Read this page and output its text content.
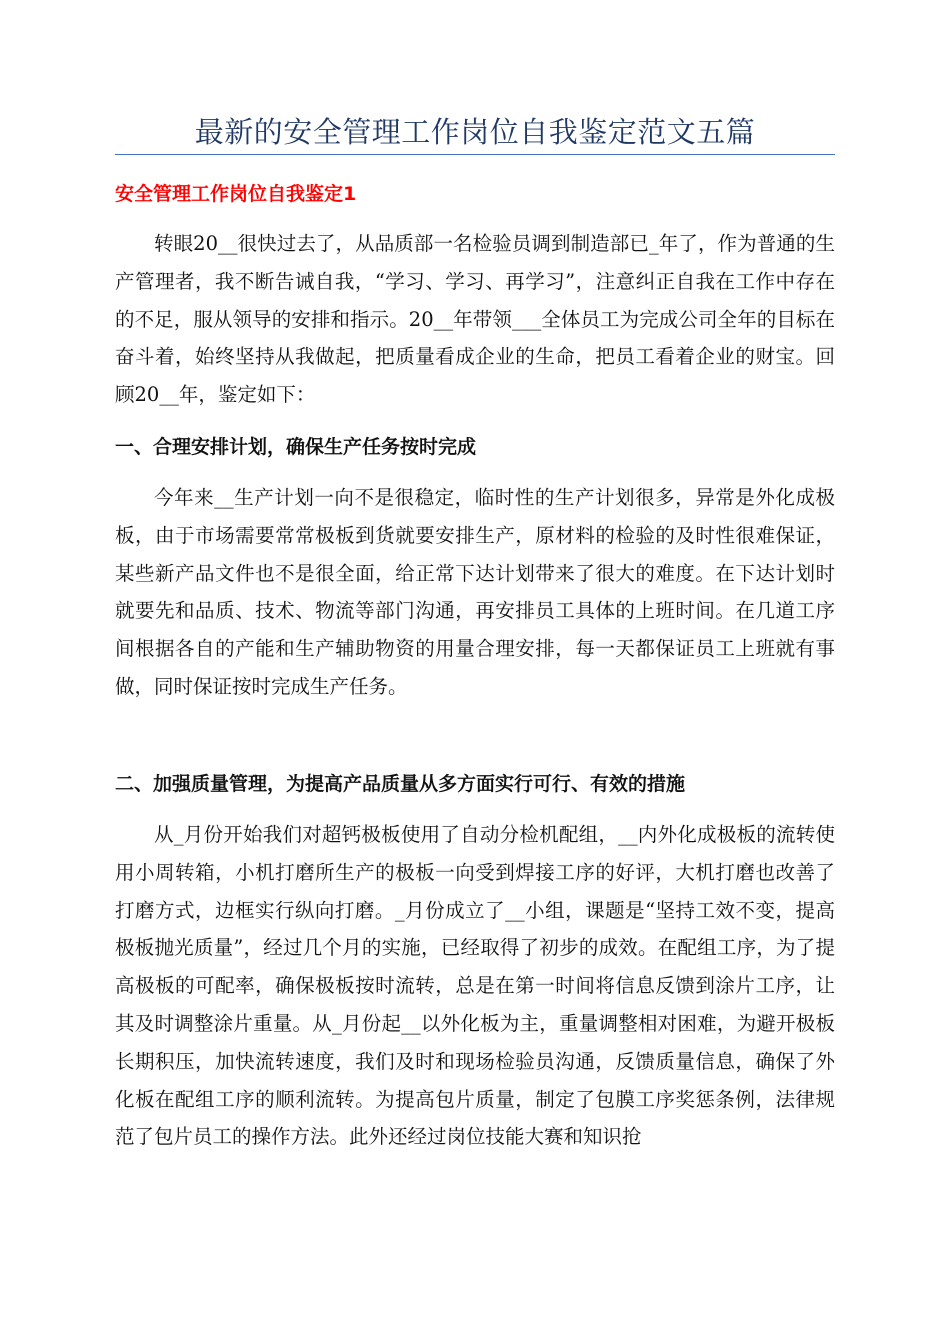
最新的安全管理工作岗位自我鉴定范文五篇
安全管理工作岗位自我鉴定1

转眼20__很快过去了，从品质部一名检验员调到制造部已_年了，作为普通的生产管理者，我不断告诫自我，“学习、学习、再学习”，注意纠正自我在工作中存在的不足，服从领导的安排和指示。20__年带领___全体员工为完成公司全年的目标在奋斗着，始终坚持从我做起，把质量看成企业的生命，把员工看着企业的财宝。回顾20__年，鉴定如下：

一、合理安排计划，确保生产任务按时完成

今年来__生产计划一向不是很稳定，临时性的生产计划很多，异常是外化成极板，由于市场需要常常极板到货就要安排生产，原材料的检验的及时性很难保证，某些新产品文件也不是很全面，给正常下达计划带来了很大的难度。在下达计划时就要先和品质、技术、物流等部门沟通，再安排员工具体的上班时间。在几道工序间根据各自的产能和生产辅助物资的用量合理安排，每一天都保证员工上班就有事做，同时保证按时完成生产任务。

二、加强质量管理，为提高产品质量从多方面实行可行、有效的措施

从_月份开始我们对超钙极板使用了自动分检机配组，__内外化成极板的流转使用小周转箱，小机打磨所生产的极板一向受到焊接工序的好评，大机打磨也改善了打磨方式，边框实行纵向打磨。_月份成立了__小组，课题是“坚持工效不变，提高极板抛光质量”，经过几个月的实施，已经取得了初步的成效。在配组工序，为了提高极板的可配率，确保极板按时流转，总是在第一时间将信息反馈到涂片工序，让其及时调整涂片重量。从_月份起__以外化板为主，重量调整相对困难，为避开极板长期积压，加快流转速度，我们及时和现场检验员沟通，反馈质量信息，确保了外化板在配组工序的顺利流转。为提高包片质量，制定了包膜工序奖惩条例，法律规范了包片员工的操作方法。此外还经过岗位技能大赛和知识抢
